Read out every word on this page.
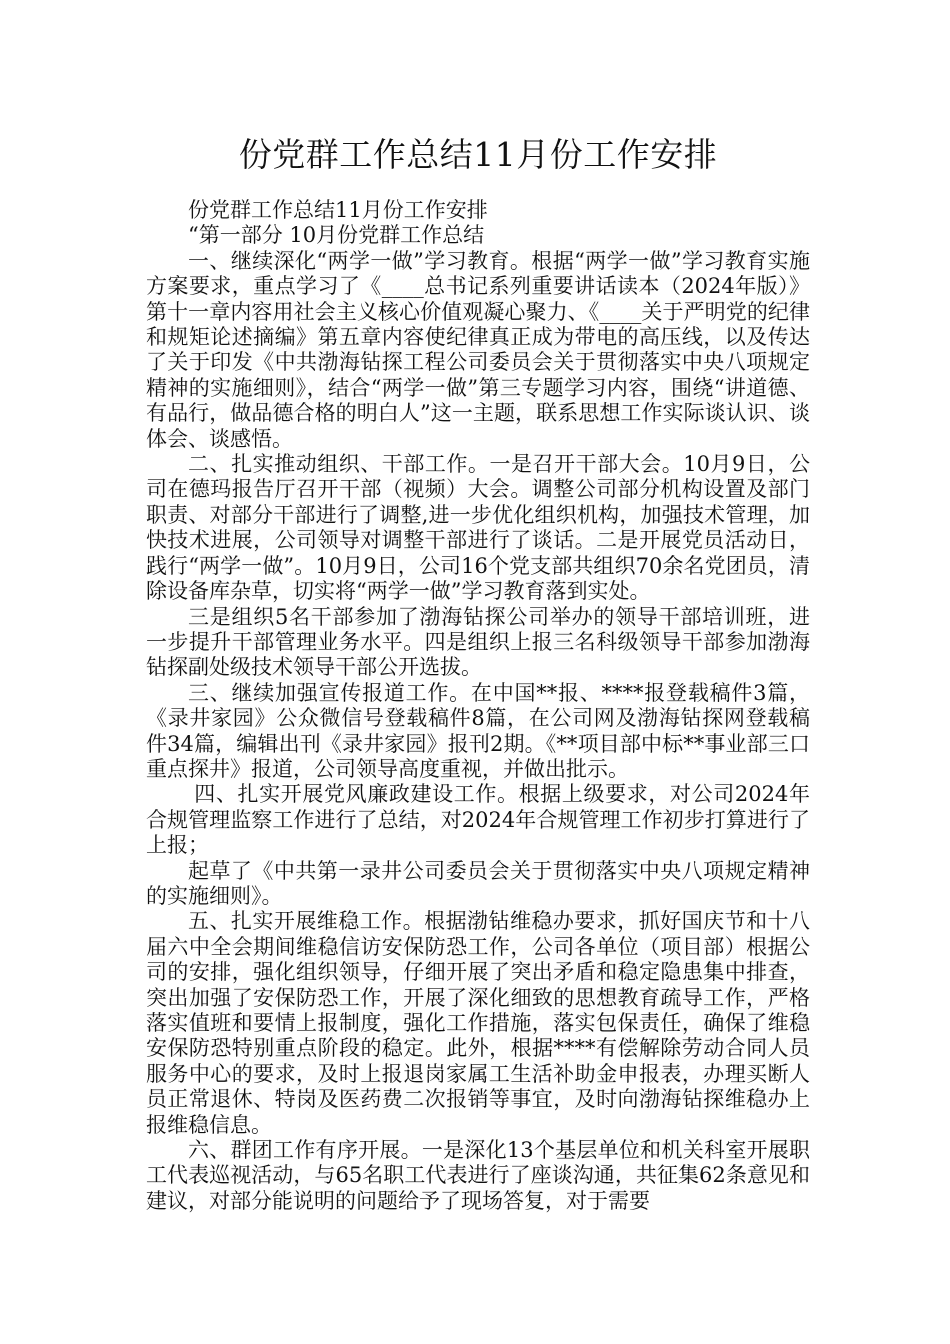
份党群工作总结11月份工作安排

份党群工作总结11月份工作安排

“第一部分 10月份党群工作总结

一、继续深化“两学一做”学习教育。根据“两学一做”学习教育实施方案要求，重点学习了《____总书记系列重要讲话读本（2024年版）》第十一章内容用社会主义核心价值观凝心聚力、《____关于严明党的纪律和规矩论述摘编》第五章内容使纪律真正成为带电的高压线，以及传达了关于印发《中共渤海钻探工程公司委员会关于贯彻落实中央八项规定精神的实施细则》，结合“两学一做”第三专题学习内容，围绕“讲道德、有品行，做品德合格的明白人”这一主题，联系思想工作实际谈认识、谈体会、谈感悟。

二、扎实推动组织、干部工作。一是召开干部大会。10月9日，公司在德玛报告厅召开干部（视频）大会。调整公司部分机构设置及部门职责、对部分干部进行了调整,进一步优化组织机构，加强技术管理，加快技术进展，公司领导对调整干部进行了谈话。二是开展党员活动日，践行“两学一做”。10月9日，公司16个党支部共组织70余名党团员，清除设备库杂草，切实将“两学一做”学习教育落到实处。

三是组织5名干部参加了渤海钻探公司举办的领导干部培训班，进一步提升干部管理业务水平。四是组织上报三名科级领导干部参加渤海钻探副处级技术领导干部公开选拔。

三、继续加强宣传报道工作。在中国**报、****报登载稿件3篇，《录井家园》公众微信号登载稿件8篇，在公司网及渤海钻探网登载稿件34篇，编辑出刊《录井家园》报刊2期。《**项目部中标**事业部三口重点探井》报道，公司领导高度重视，并做出批示。

四、扎实开展党风廉政建设工作。根据上级要求，对公司2024年合规管理监察工作进行了总结，对2024年合规管理工作初步打算进行了上报；

起草了《中共第一录井公司委员会关于贯彻落实中央八项规定精神的实施细则》。

五、扎实开展维稳工作。根据渤钻维稳办要求，抓好国庆节和十八届六中全会期间维稳信访安保防恐工作，公司各单位（项目部）根据公司的安排，强化组织领导，仔细开展了突出矛盾和稳定隐患集中排查，突出加强了安保防恐工作，开展了深化细致的思想教育疏导工作，严格落实值班和要情上报制度，强化工作措施，落实包保责任，确保了维稳安保防恐特别重点阶段的稳定。此外，根据****有偿解除劳动合同人员服务中心的要求，及时上报退岗家属工生活补助金申报表，办理买断人员正常退休、特岗及医药费二次报销等事宜，及时向渤海钻探维稳办上报维稳信息。

六、群团工作有序开展。一是深化13个基层单位和机关科室开展职工代表巡视活动，与65名职工代表进行了座谈沟通，共征集62条意见和建议，对部分能说明的问题给予了现场答复，对于需要
